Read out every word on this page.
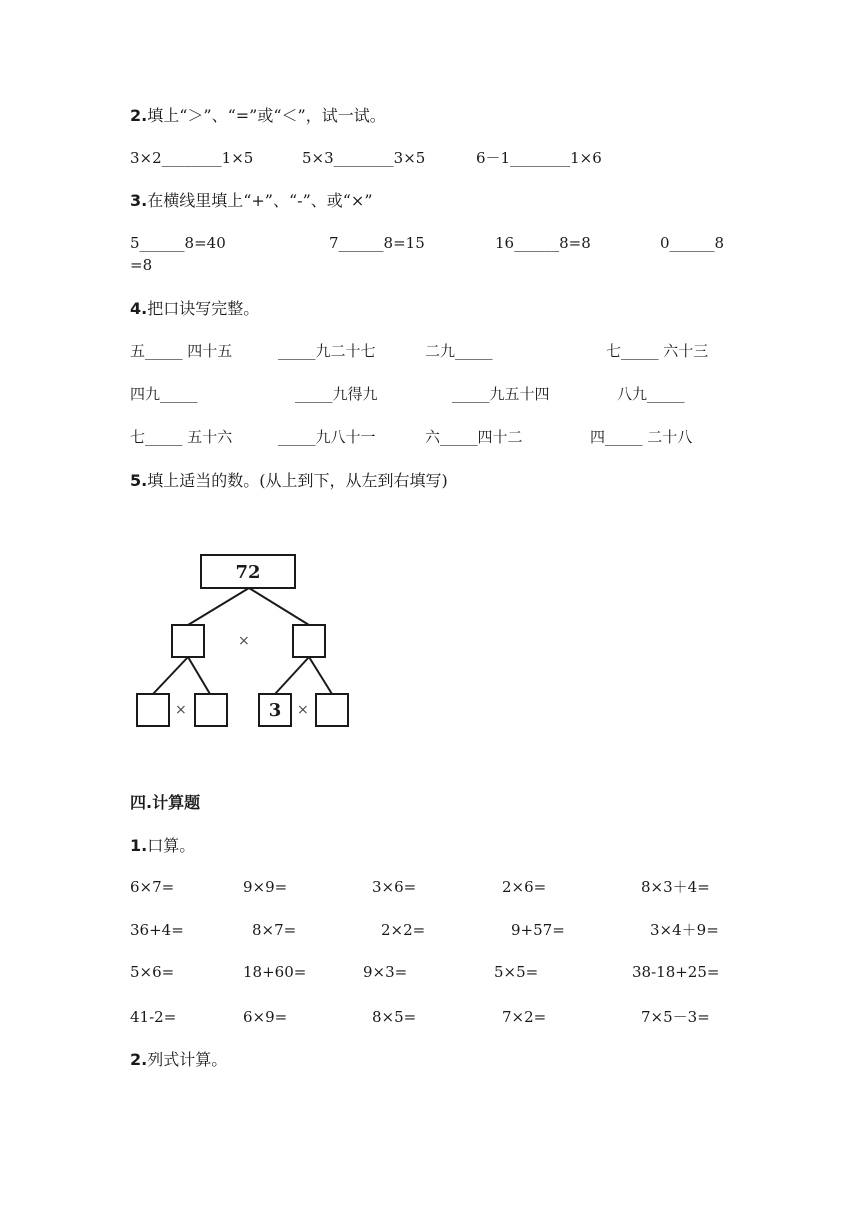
2.填上“＞”、“=”或“＜”，试一试。
3×2________1×5	5×3________3×5	6－1________1×6
3.在横线里填上“+”、“-”、或“×”
5______8=40	7______8=15	16______8=8	0______8
=8
4.把口诀写完整。
五_____ 四十五	_____九二十七	二九_____	七_____ 六十三
四九_____	_____九得九	_____九五十四	八九_____
七_____ 五十六	_____九八十一	六_____四十二	四_____ 二十八
5.填上适当的数。(从上到下，从左到右填写)
72
×
×	×
3
四.计算题
1.口算。
6×7=	9×9=	3×6=	2×6=	8×3＋4=
36+4=	8×7=	2×2=	9+57=	3×4＋9=
5×6=	18+60=	9×3=	5×5=	38-18+25=
41-2=	6×9=	8×5=	7×2=	7×5－3=
2.列式计算。
